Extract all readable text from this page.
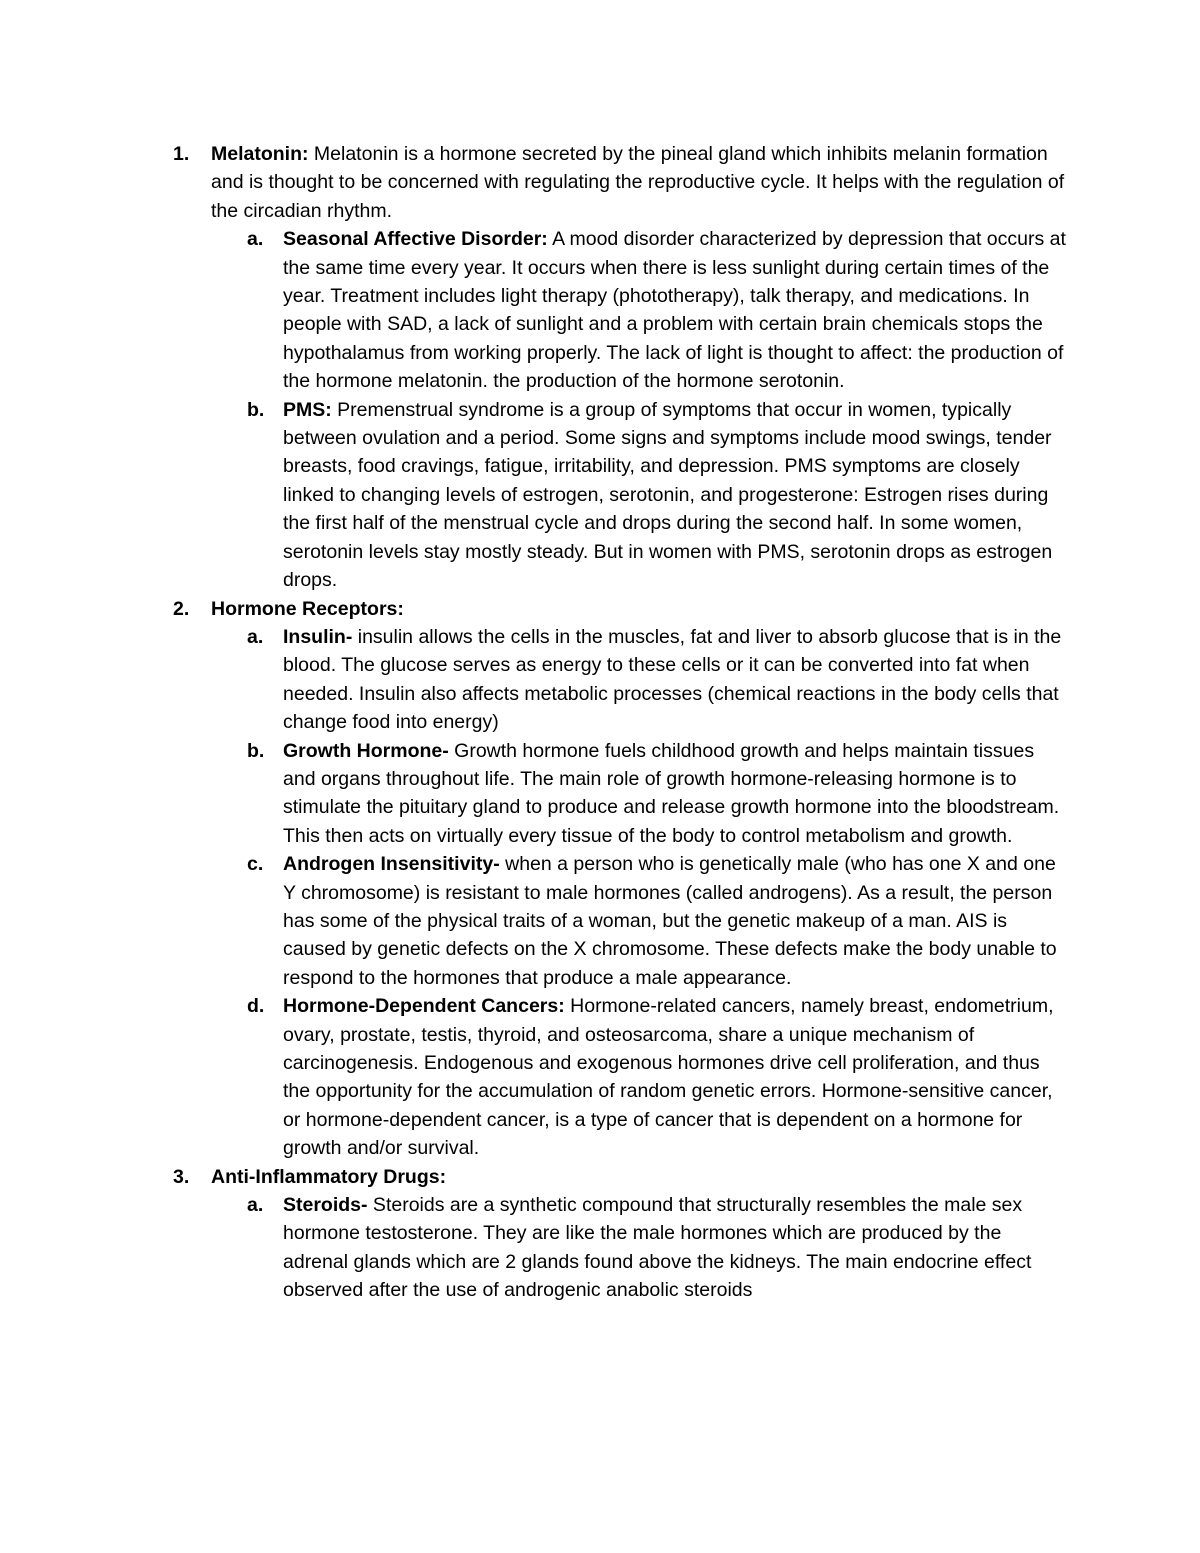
1. Melatonin: Melatonin is a hormone secreted by the pineal gland which inhibits melanin formation and is thought to be concerned with regulating the reproductive cycle. It helps with the regulation of the circadian rhythm.
a. Seasonal Affective Disorder: A mood disorder characterized by depression that occurs at the same time every year. It occurs when there is less sunlight during certain times of the year. Treatment includes light therapy (phototherapy), talk therapy, and medications. In people with SAD, a lack of sunlight and a problem with certain brain chemicals stops the hypothalamus from working properly. The lack of light is thought to affect: the production of the hormone melatonin. the production of the hormone serotonin.
b. PMS: Premenstrual syndrome is a group of symptoms that occur in women, typically between ovulation and a period. Some signs and symptoms include mood swings, tender breasts, food cravings, fatigue, irritability, and depression. PMS symptoms are closely linked to changing levels of estrogen, serotonin, and progesterone: Estrogen rises during the first half of the menstrual cycle and drops during the second half. In some women, serotonin levels stay mostly steady. But in women with PMS, serotonin drops as estrogen drops.
2. Hormone Receptors:
a. Insulin- insulin allows the cells in the muscles, fat and liver to absorb glucose that is in the blood. The glucose serves as energy to these cells or it can be converted into fat when needed. Insulin also affects metabolic processes (chemical reactions in the body cells that change food into energy)
b. Growth Hormone- Growth hormone fuels childhood growth and helps maintain tissues and organs throughout life. The main role of growth hormone-releasing hormone is to stimulate the pituitary gland to produce and release growth hormone into the bloodstream. This then acts on virtually every tissue of the body to control metabolism and growth.
c. Androgen Insensitivity- when a person who is genetically male (who has one X and one Y chromosome) is resistant to male hormones (called androgens). As a result, the person has some of the physical traits of a woman, but the genetic makeup of a man. AIS is caused by genetic defects on the X chromosome. These defects make the body unable to respond to the hormones that produce a male appearance.
d. Hormone-Dependent Cancers: Hormone-related cancers, namely breast, endometrium, ovary, prostate, testis, thyroid, and osteosarcoma, share a unique mechanism of carcinogenesis. Endogenous and exogenous hormones drive cell proliferation, and thus the opportunity for the accumulation of random genetic errors. Hormone-sensitive cancer, or hormone-dependent cancer, is a type of cancer that is dependent on a hormone for growth and/or survival.
3. Anti-Inflammatory Drugs:
a. Steroids- Steroids are a synthetic compound that structurally resembles the male sex hormone testosterone. They are like the male hormones which are produced by the adrenal glands which are 2 glands found above the kidneys. The main endocrine effect observed after the use of androgenic anabolic steroids
